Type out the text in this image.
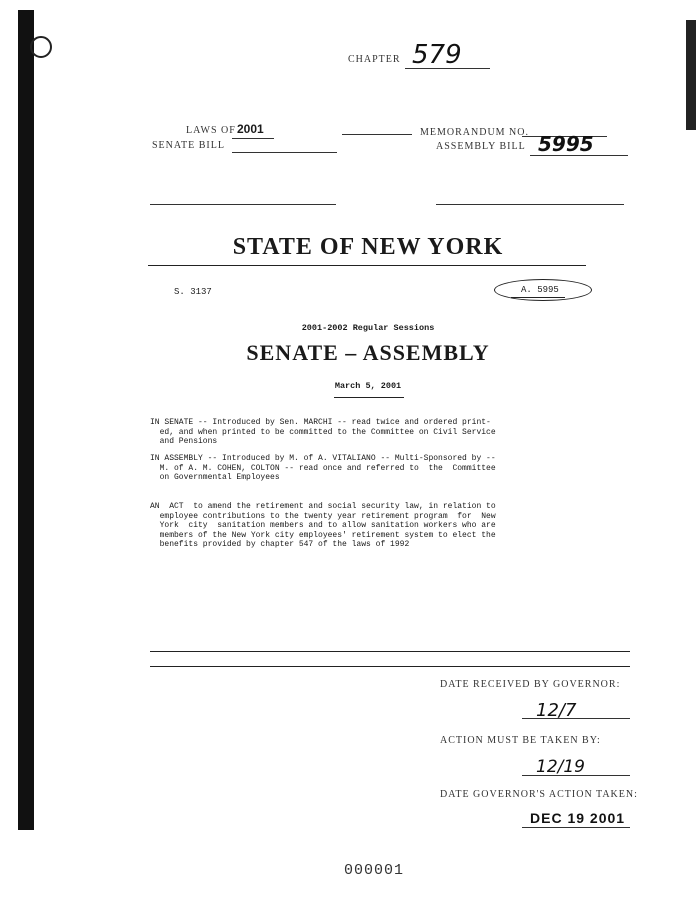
CHAPTER 579
LAWS OF 2001	MEMORANDUM NO.
SENATE BILL	ASSEMBLY BILL 5995
STATE OF NEW YORK
S. 3137	A. 5995
2001-2002 Regular Sessions
SENATE – ASSEMBLY
March 5, 2001
IN SENATE -- Introduced by Sen. MARCHI -- read twice and ordered print-
ed, and when printed to be committed to the Committee on Civil Service
and Pensions
IN ASSEMBLY -- Introduced by M. of A. VITALIANO -- Multi-Sponsored by --
M. of A. M. COHEN, COLTON -- read once and referred to  the  Committee
on Governmental Employees
AN  ACT  to amend the retirement and social security law, in relation to
employee contributions to the twenty year retirement program  for  New
York  city  sanitation members and to allow sanitation workers who are
members of the New York city employees' retirement system to elect the
benefits provided by chapter 547 of the laws of 1992
DATE RECEIVED BY GOVERNOR:
12/7
ACTION MUST BE TAKEN BY:
12/19
DATE GOVERNOR'S ACTION TAKEN:
DEC 19 2001
000001
